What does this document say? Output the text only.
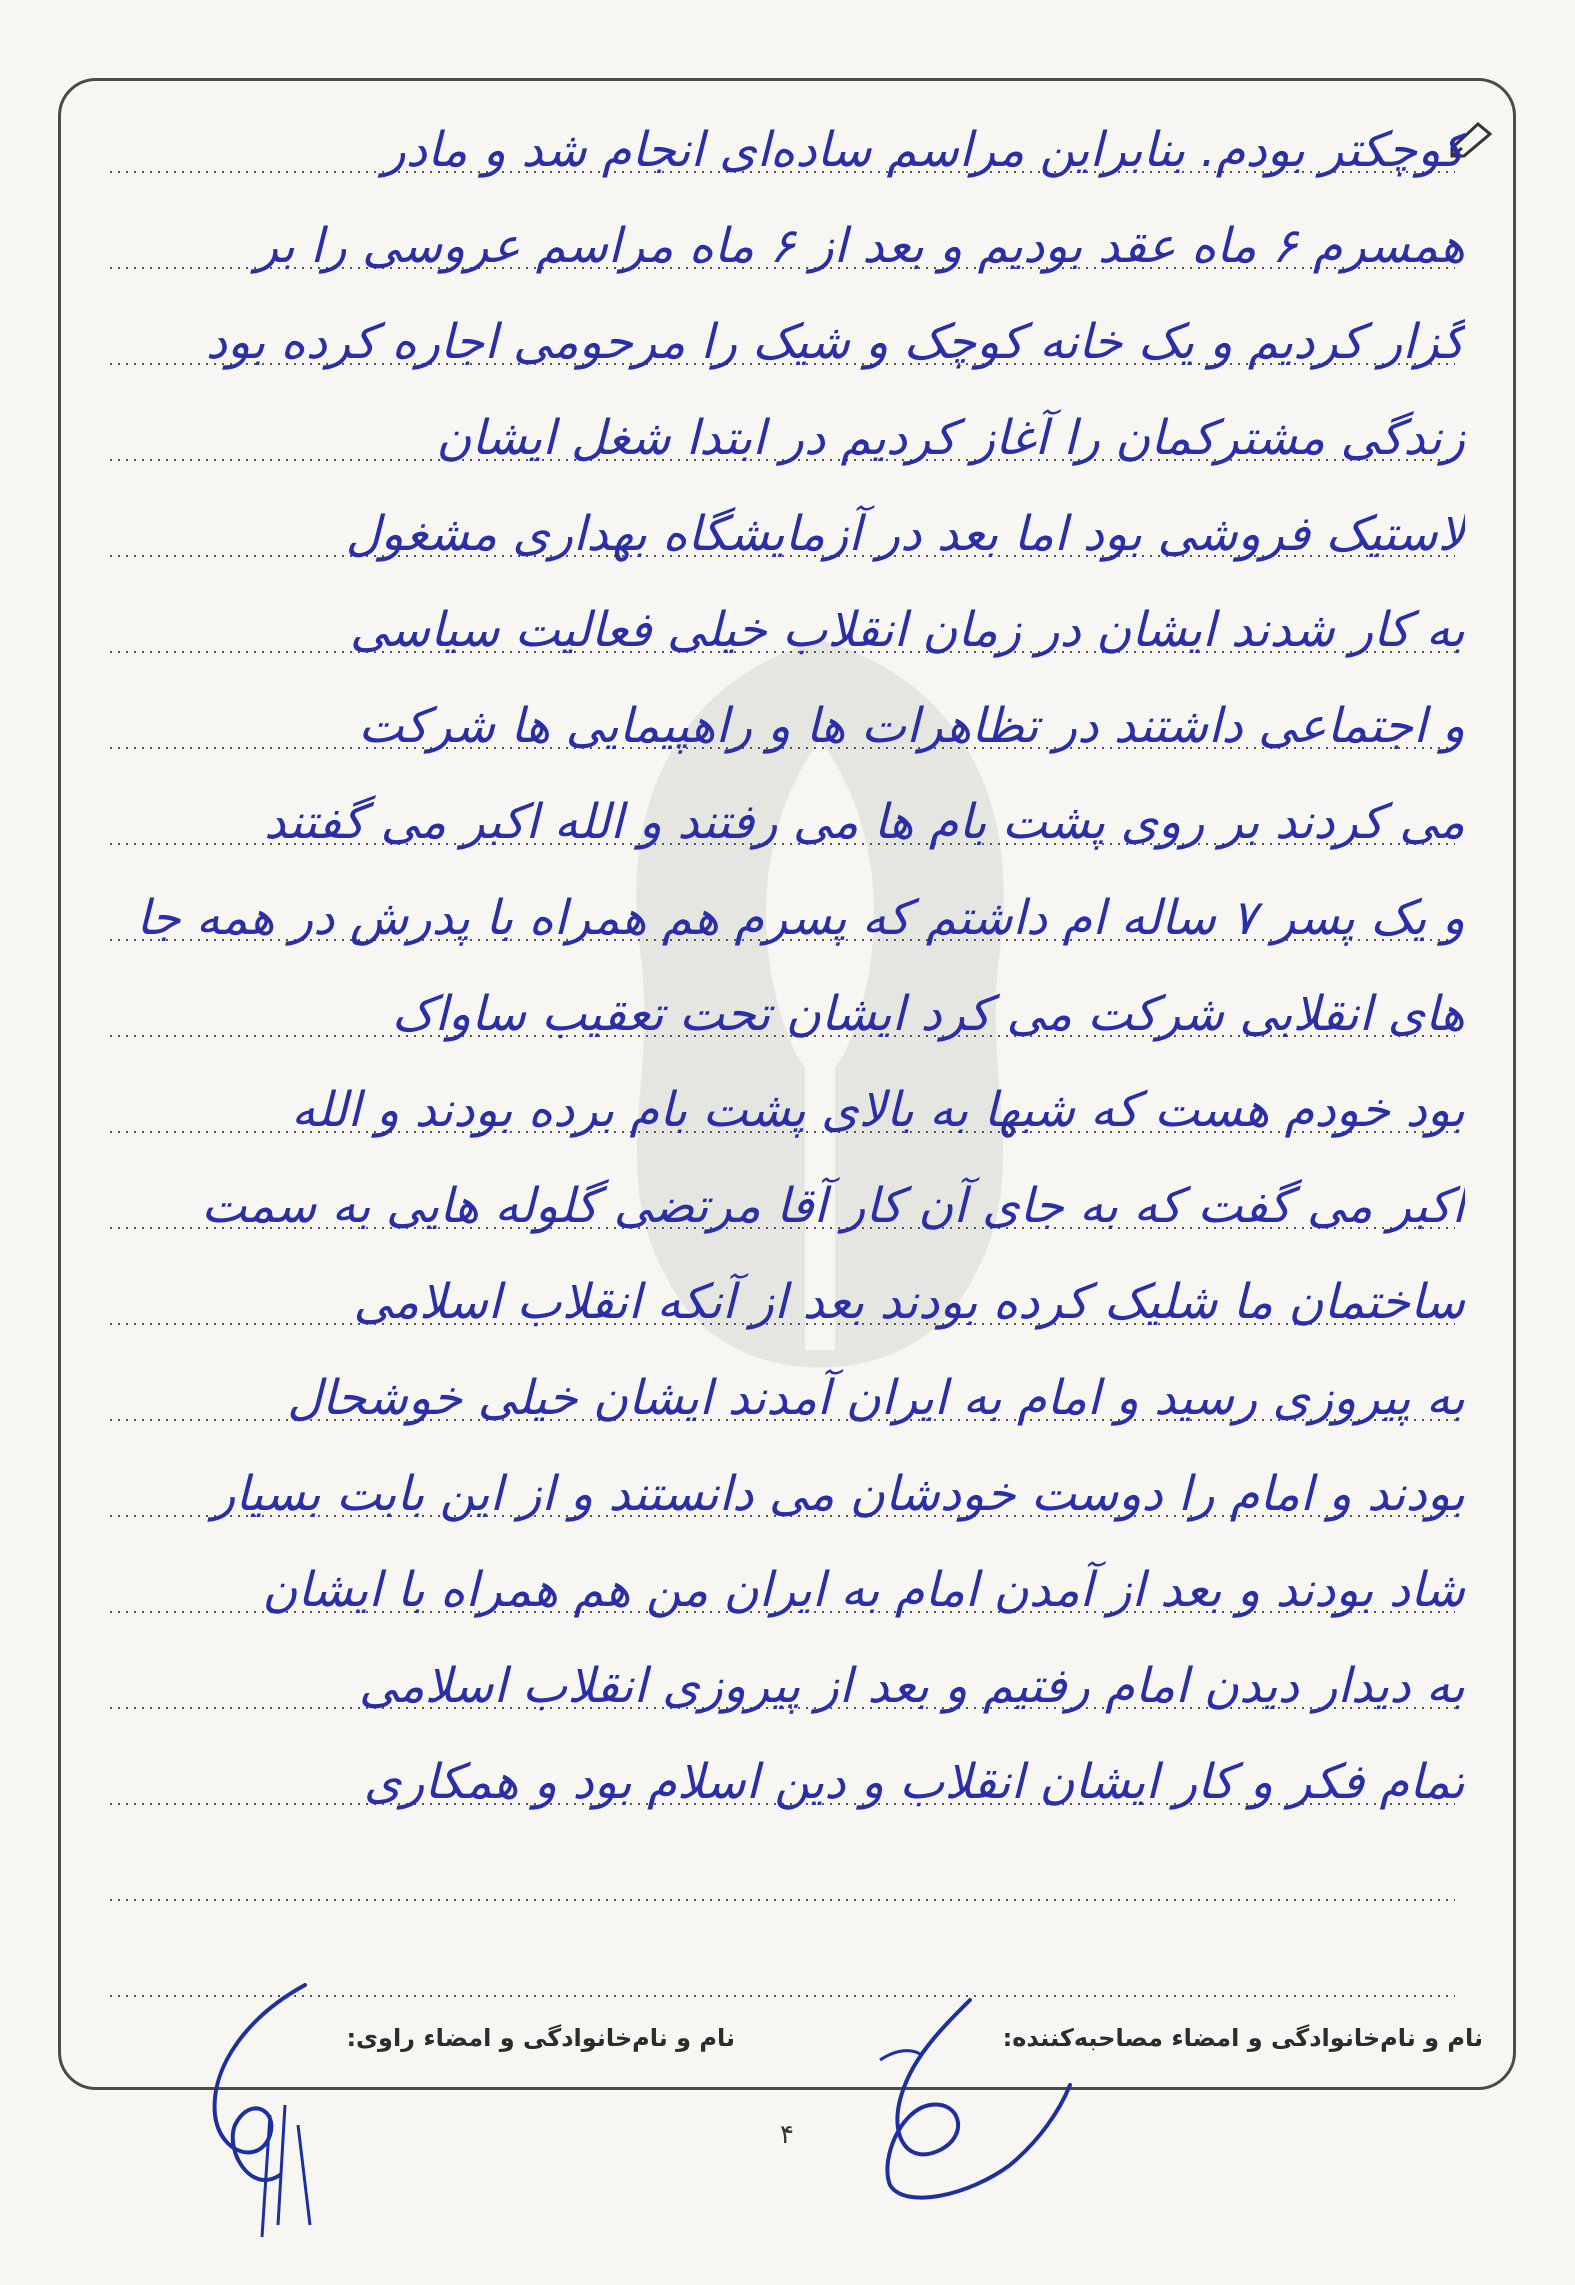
کوچکتر بودم. بنابراین مراسم ساده‌ای انجام شد و مادر
همسرم ۶ ماه عقد بودیم و بعد از ۶ ماه مراسم عروسی را بر
گزار کردیم و یک خانه کوچک و شیک را مرحومی اجاره کرده بود
زندگی مشترکمان را آغاز کردیم در ابتدا شغل ایشان
لاستیک فروشی بود اما بعد در آزمایشگاه بهداری مشغول
به کار شدند ایشان در زمان انقلاب خیلی فعالیت سیاسی
و اجتماعی داشتند در تظاهرات ها و راهپیمایی ها شرکت
می کردند بر روی پشت بام ها می رفتند و الله اکبر می گفتند
و یک پسر ۷ ساله ام داشتم که پسرم هم همراه با پدرش در همه جا
های انقلابی شرکت می کرد ایشان تحت تعقیب ساواک
بود خودم هست که شبها به بالای پشت بام برده بودند و الله
اکبر می گفت که به جای آن کار آقا مرتضی گلوله هایی به سمت
ساختمان ما شلیک کرده بودند بعد از آنکه انقلاب اسلامی
به پیروزی رسید و امام به ایران آمدند ایشان خیلی خوشحال
بودند و امام را دوست خودشان می دانستند و از این بابت بسیار
شاد بودند و بعد از آمدن امام به ایران من هم همراه با ایشان
به دیدار دیدن امام رفتیم و بعد از پیروزی انقلاب اسلامی
تمام فکر و کار ایشان انقلاب و دین اسلام بود و همکاری
نام و نام‌خانوادگی و امضاء مصاحبه‌کننده:
نام و نام‌خانوادگی و امضاء راوی:
۴
